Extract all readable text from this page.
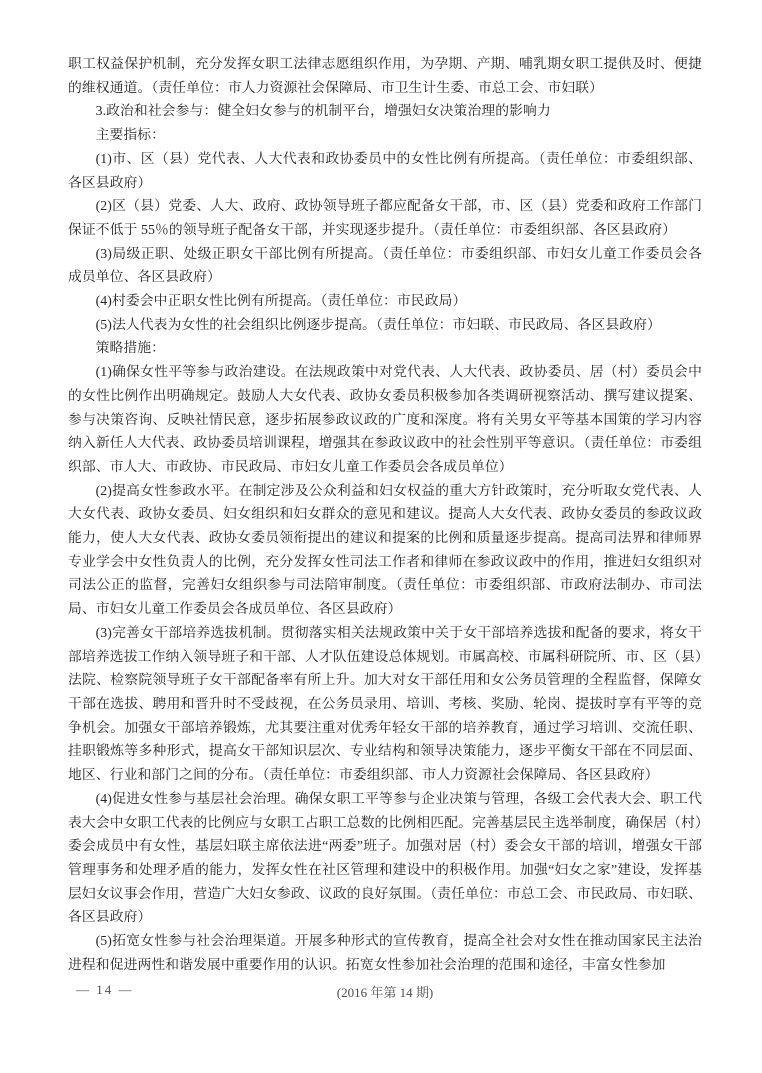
职工权益保护机制，充分发挥女职工法律志愿组织作用，为孕期、产期、哺乳期女职工提供及时、便捷的维权通道。（责任单位：市人力资源社会保障局、市卫生计生委、市总工会、市妇联）

3.政治和社会参与：健全妇女参与的机制平台，增强妇女决策治理的影响力

主要指标：

(1)市、区（县）党代表、人大代表和政协委员中的女性比例有所提高。（责任单位：市委组织部、各区县政府）

(2)区（县）党委、人大、政府、政协领导班子都应配备女干部，市、区（县）党委和政府工作部门保证不低于 55％的领导班子配备女干部，并实现逐步提升。（责任单位：市委组织部、各区县政府）

(3)局级正职、处级正职女干部比例有所提高。（责任单位：市委组织部、市妇女儿童工作委员会各成员单位、各区县政府）

(4)村委会中正职女性比例有所提高。（责任单位：市民政局）

(5)法人代表为女性的社会组织比例逐步提高。（责任单位：市妇联、市民政局、各区县政府）

策略措施：

(1)确保女性平等参与政治建设。在法规政策中对党代表、人大代表、政协委员、居（村）委员会中的女性比例作出明确规定。鼓励人大女代表、政协女委员积极参加各类调研视察活动、撰写建议提案、参与决策咨询、反映社情民意，逐步拓展参政议政的广度和深度。将有关男女平等基本国策的学习内容纳入新任人大代表、政协委员培训课程，增强其在参政议政中的社会性别平等意识。（责任单位：市委组织部、市人大、市政协、市民政局、市妇女儿童工作委员会各成员单位）

(2)提高女性参政水平。在制定涉及公众利益和妇女权益的重大方针政策时，充分听取女党代表、人大女代表、政协女委员、妇女组织和妇女群众的意见和建议。提高人大女代表、政协女委员的参政议政能力，使人大女代表、政协女委员领衔提出的建议和提案的比例和质量逐步提高。提高司法界和律师界专业学会中女性负责人的比例，充分发挥女性司法工作者和律师在参政议政中的作用，推进妇女组织对司法公正的监督，完善妇女组织参与司法陪审制度。（责任单位：市委组织部、市政府法制办、市司法局、市妇女儿童工作委员会各成员单位、各区县政府）

(3)完善女干部培养选拔机制。贯彻落实相关法规政策中关于女干部培养选拔和配备的要求，将女干部培养选拔工作纳入领导班子和干部、人才队伍建设总体规划。市属高校、市属科研院所、市、区（县）法院、检察院领导班子女干部配备率有所上升。加大对女干部任用和女公务员管理的全程监督，保障女干部在选拔、聘用和晋升时不受歧视，在公务员录用、培训、考核、奖励、轮岗、提拔时享有平等的竞争机会。加强女干部培养锻炼，尤其要注重对优秀年轻女干部的培养教育，通过学习培训、交流任职、挂职锻炼等多种形式，提高女干部知识层次、专业结构和领导决策能力，逐步平衡女干部在不同层面、地区、行业和部门之间的分布。（责任单位：市委组织部、市人力资源社会保障局、各区县政府）

(4)促进女性参与基层社会治理。确保女职工平等参与企业决策与管理，各级工会代表大会、职工代表大会中女职工代表的比例应与女职工占职工总数的比例相匹配。完善基层民主选举制度，确保居（村）委会成员中有女性，基层妇联主席依法进“两委”班子。加强对居（村）委会女干部的培训，增强女干部管理事务和处理矛盾的能力，发挥女性在社区管理和建设中的积极作用。加强“妇女之家”建设，发挥基层妇女议事会作用，营造广大妇女参政、议政的良好氛围。（责任单位：市总工会、市民政局、市妇联、各区县政府）

(5)拓宽女性参与社会治理渠道。开展多种形式的宣传教育，提高全社会对女性在推动国家民主法治进程和促进两性和谐发展中重要作用的认识。拓宽女性参加社会治理的范围和途径，丰富女性参加

— 14 —	(2016 年第 14 期)
